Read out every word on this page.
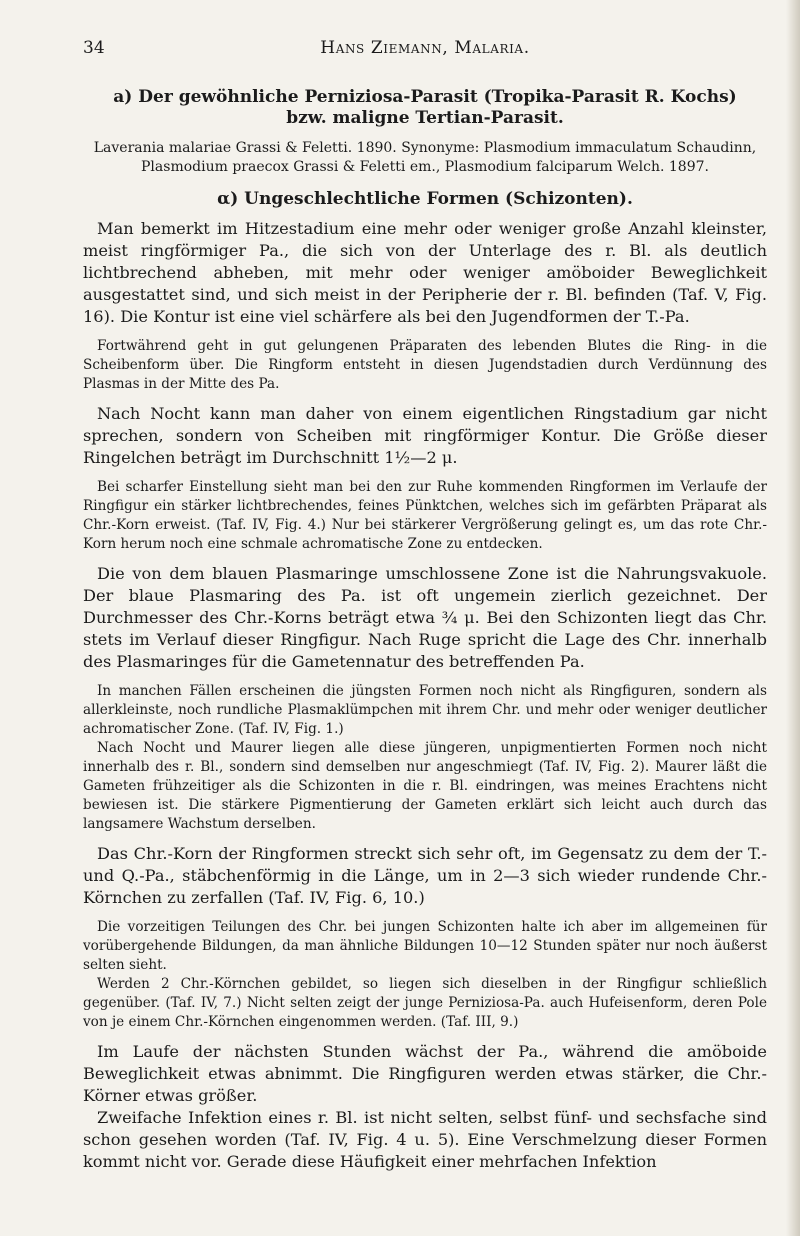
34	Hans Ziemann, Malaria.
a) Der gewöhnliche Perniziosa-Parasit (Tropika-Parasit R. Kochs)
bzw. maligne Tertian-Parasit.
Laverania malariae Grassi & Feletti. 1890. Synonyme: Plasmodium immaculatum Schaudinn,
Plasmodium praecox Grassi & Feletti em., Plasmodium falciparum Welch. 1897.
α) Ungeschlechtliche Formen (Schizonten).

Man bemerkt im Hitzestadium eine mehr oder weniger große Anzahl kleinster, meist ringförmiger Pa., die sich von der Unterlage des r. Bl. als deutlich lichtbrechend abheben, mit mehr oder weniger amöboider Beweglichkeit ausgestattet sind, und sich meist in der Peripherie der r. Bl. befinden (Taf. V, Fig. 16). Die Kontur ist eine viel schärfere als bei den Jugendformen der T.-Pa.

Fortwährend geht in gut gelungenen Präparaten des lebenden Blutes die Ring- in die Scheibenform über. Die Ringform entsteht in diesen Jugendstadien durch Verdünnung des Plasmas in der Mitte des Pa.

Nach Nocht kann man daher von einem eigentlichen Ringstadium gar nicht sprechen, sondern von Scheiben mit ringförmiger Kontur. Die Größe dieser Ringelchen beträgt im Durchschnitt 1½—2 μ.

Bei scharfer Einstellung sieht man bei den zur Ruhe kommenden Ringformen im Verlaufe der Ringfigur ein stärker lichtbrechendes, feines Pünktchen, welches sich im gefärbten Präparat als Chr.-Korn erweist. (Taf. IV, Fig. 4.) Nur bei stärkerer Vergrößerung gelingt es, um das rote Chr.-Korn herum noch eine schmale achromatische Zone zu entdecken.

Die von dem blauen Plasmaringe umschlossene Zone ist die Nahrungsvakuole. Der blaue Plasmaring des Pa. ist oft ungemein zierlich gezeichnet. Der Durchmesser des Chr.-Korns beträgt etwa ¾ μ. Bei den Schizonten liegt das Chr. stets im Verlauf dieser Ringfigur. Nach Ruge spricht die Lage des Chr. innerhalb des Plasmaringes für die Gametennatur des betreffenden Pa.

In manchen Fällen erscheinen die jüngsten Formen noch nicht als Ringfiguren, sondern als allerkleinste, noch rundliche Plasmaklümpchen mit ihrem Chr. und mehr oder weniger deutlicher achromatischer Zone. (Taf. IV, Fig. 1.)

Nach Nocht und Maurer liegen alle diese jüngeren, unpigmentierten Formen noch nicht innerhalb des r. Bl., sondern sind demselben nur angeschmiegt (Taf. IV, Fig. 2). Maurer läßt die Gameten frühzeitiger als die Schizonten in die r. Bl. eindringen, was meines Erachtens nicht bewiesen ist. Die stärkere Pigmentierung der Gameten erklärt sich leicht auch durch das langsamere Wachstum derselben.

Das Chr.-Korn der Ringformen streckt sich sehr oft, im Gegensatz zu dem der T.- und Q.-Pa., stäbchenförmig in die Länge, um in 2—3 sich wieder rundende Chr.-Körnchen zu zerfallen (Taf. IV, Fig. 6, 10.)

Die vorzeitigen Teilungen des Chr. bei jungen Schizonten halte ich aber im allgemeinen für vorübergehende Bildungen, da man ähnliche Bildungen 10—12 Stunden später nur noch äußerst selten sieht.

Werden 2 Chr.-Körnchen gebildet, so liegen sich dieselben in der Ringfigur schließlich gegenüber. (Taf. IV, 7.) Nicht selten zeigt der junge Perniziosa-Pa. auch Hufeisenform, deren Pole von je einem Chr.-Körnchen eingenommen werden. (Taf. III, 9.)

Im Laufe der nächsten Stunden wächst der Pa., während die amöboide Beweglichkeit etwas abnimmt. Die Ringfiguren werden etwas stärker, die Chr.-Körner etwas größer.

Zweifache Infektion eines r. Bl. ist nicht selten, selbst fünf- und sechsfache sind schon gesehen worden (Taf. IV, Fig. 4 u. 5). Eine Verschmelzung dieser Formen kommt nicht vor. Gerade diese Häufigkeit einer mehrfachen Infektion
